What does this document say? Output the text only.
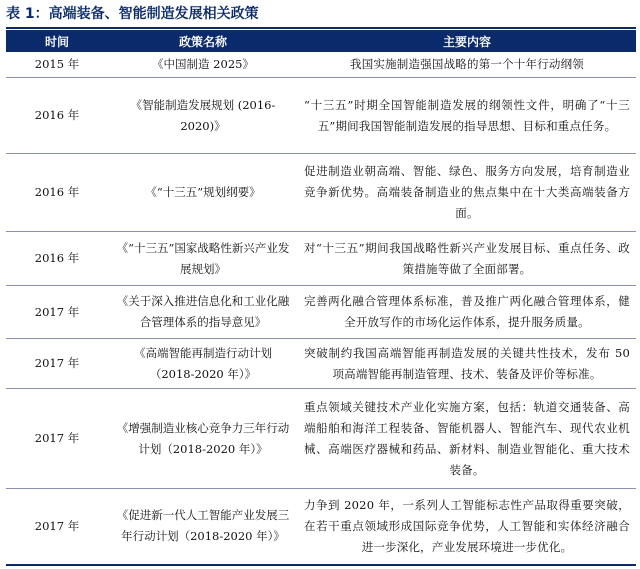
表 1：高端装备、智能制造发展相关政策
时间	政策名称	主要内容
2015 年	《中国制造 2025》	我国实施制造强国战略的第一个十年行动纲领
2016 年	《智能制造发展规划 (2016-2020)》	“十三五”时期全国智能制造发展的纲领性文件，明确了“十三五”期间我国智能制造发展的指导思想、目标和重点任务。
2016 年	《“十三五”规划纲要》	促进制造业朝高端、智能、绿色、服务方向发展，培育制造业竞争新优势。高端装备制造业的焦点集中在十大类高端装备方面。
2016 年	《“十三五”国家战略性新兴产业发展规划》	对“十三五”期间我国战略性新兴产业发展目标、重点任务、政策措施等做了全面部署。
2017 年	《关于深入推进信息化和工业化融合管理体系的指导意见》	完善两化融合管理体系标准，普及推广两化融合管理体系，健全开放写作的市场化运作体系，提升服务质量。
2017 年	《高端智能再制造行动计划（2018-2020 年）》	突破制约我国高端智能再制造发展的关键共性技术，发布 50 项高端智能再制造管理、技术、装备及评价等标准。
2017 年	《增强制造业核心竞争力三年行动计划（2018-2020 年）》	重点领域关键技术产业化实施方案，包括：轨道交通装备、高端船舶和海洋工程装备、智能机器人、智能汽车、现代农业机械、高端医疗器械和药品、新材料、制造业智能化、重大技术装备。
2017 年	《促进新一代人工智能产业发展三年行动计划（2018-2020 年）》	力争到 2020 年，一系列人工智能标志性产品取得重要突破，在若干重点领域形成国际竞争优势，人工智能和实体经济融合进一步深化，产业发展环境进一步优化。
